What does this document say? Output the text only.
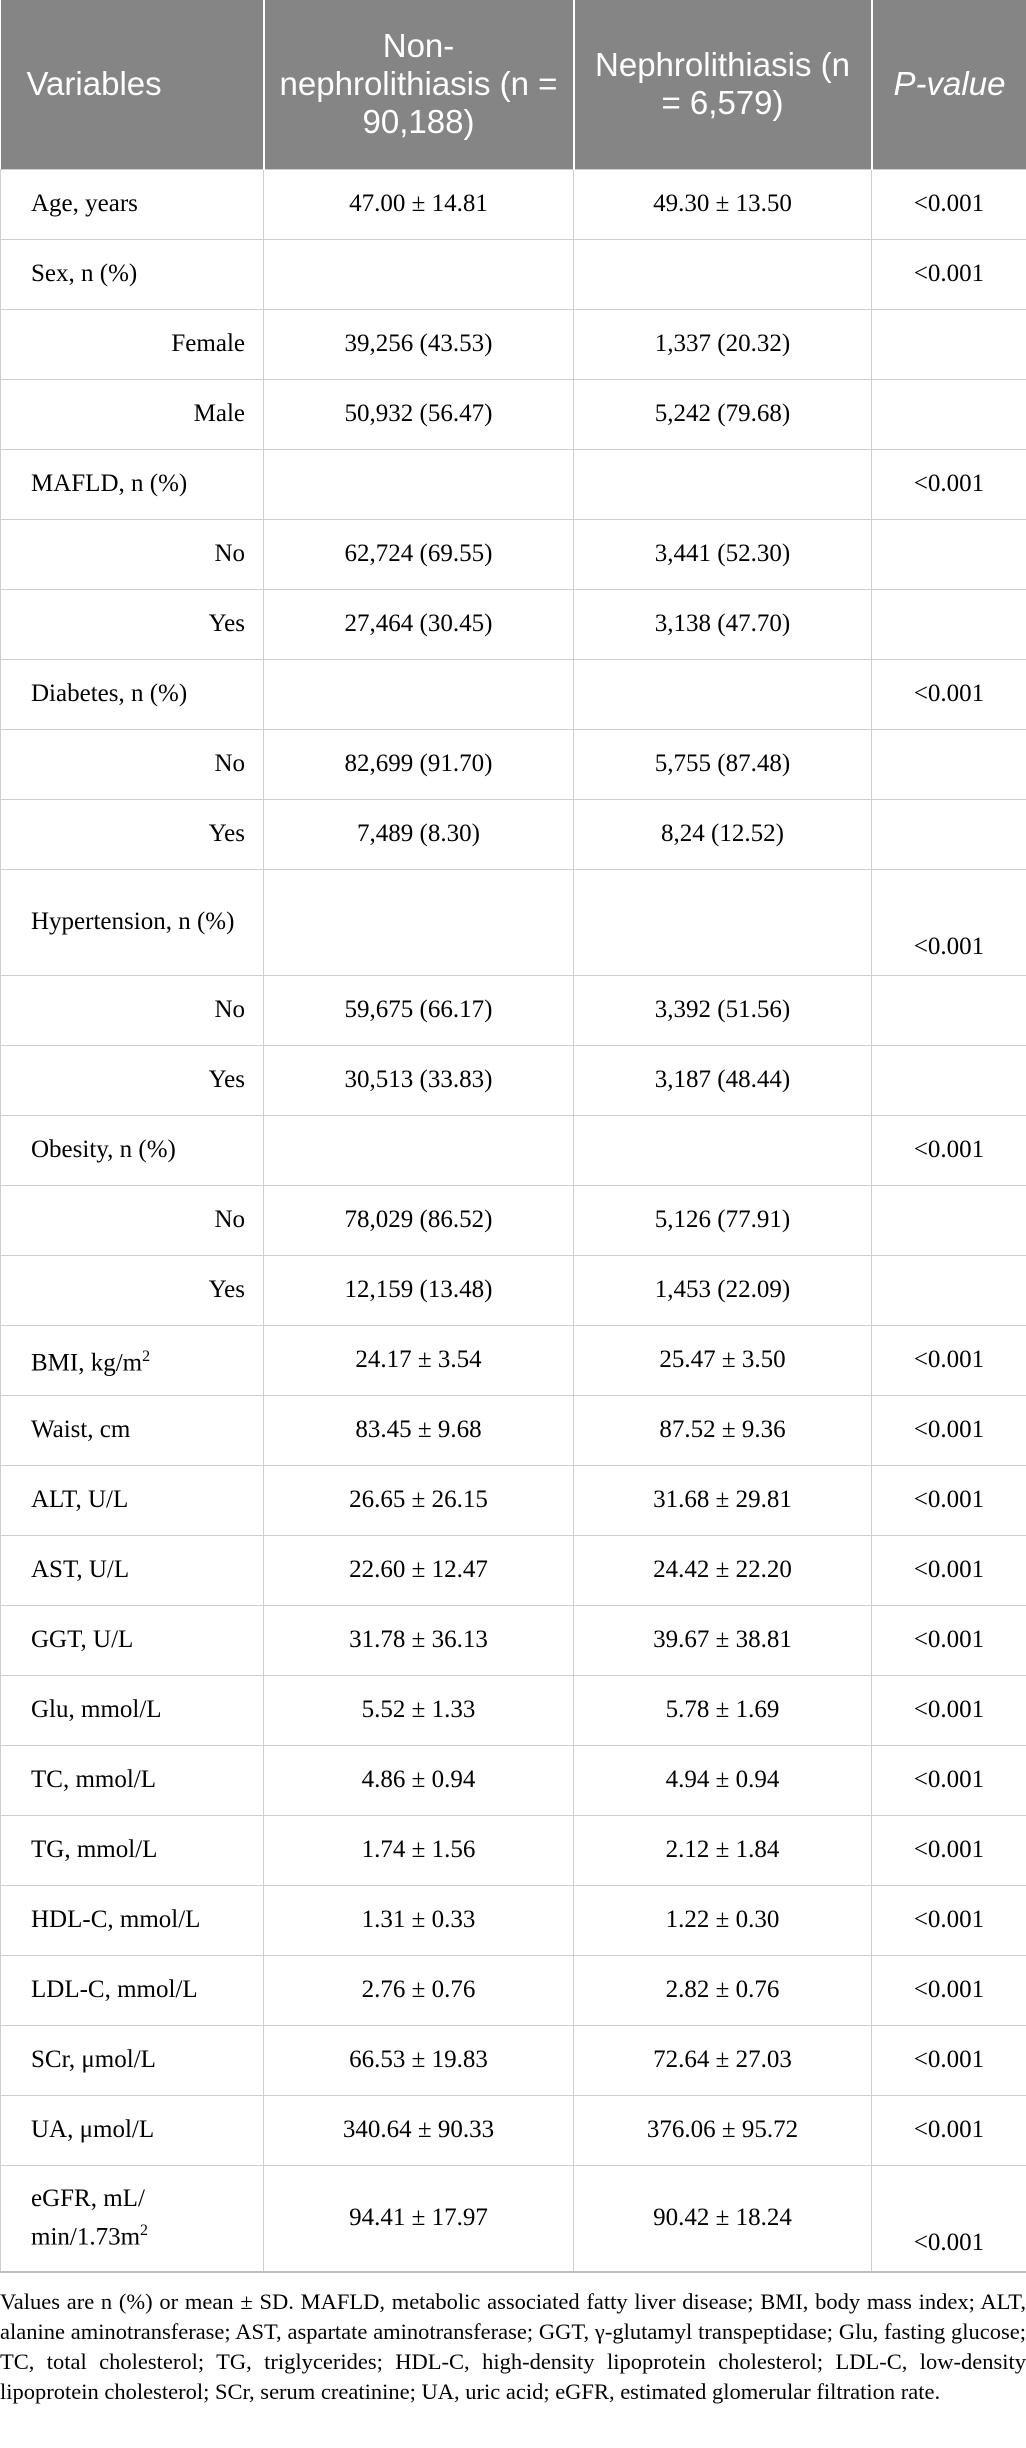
Variables	Non-nephrolithiasis (n = 90,188)	Nephrolithiasis (n = 6,579)	P-value
Age, years	47.00 ± 14.81	49.30 ± 13.50	<0.001
Sex, n (%)			<0.001
Female	39,256 (43.53)	1,337 (20.32)	
Male	50,932 (56.47)	5,242 (79.68)	
MAFLD, n (%)			<0.001
No	62,724 (69.55)	3,441 (52.30)	
Yes	27,464 (30.45)	3,138 (47.70)	
Diabetes, n (%)			<0.001
No	82,699 (91.70)	5,755 (87.48)	
Yes	7,489 (8.30)	8,24 (12.52)	
Hypertension, n (%)			<0.001
No	59,675 (66.17)	3,392 (51.56)	
Yes	30,513 (33.83)	3,187 (48.44)	
Obesity, n (%)			<0.001
No	78,029 (86.52)	5,126 (77.91)	
Yes	12,159 (13.48)	1,453 (22.09)	
BMI, $kg/m^2$	24.17 ± 3.54	25.47 ± 3.50	<0.001
Waist, cm	83.45 ± 9.68	87.52 ± 9.36	<0.001
ALT, U/L	26.65 ± 26.15	31.68 ± 29.81	<0.001
AST, U/L	22.60 ± 12.47	24.42 ± 22.20	<0.001
GGT, U/L	31.78 ± 36.13	39.67 ± 38.81	<0.001
Glu, mmol/L	5.52 ± 1.33	5.78 ± 1.69	<0.001
TC, mmol/L	4.86 ± 0.94	4.94 ± 0.94	<0.001
TG, mmol/L	1.74 ± 1.56	2.12 ± 1.84	<0.001
HDL-C, mmol/L	1.31 ± 0.33	1.22 ± 0.30	<0.001
LDL-C, mmol/L	2.76 ± 0.76	2.82 ± 0.76	<0.001
SCr, μmol/L	66.53 ± 19.83	72.64 ± 27.03	<0.001
UA, μmol/L	340.64 ± 90.33	376.06 ± 95.72	<0.001
eGFR, mL/ $\min/1.73m^2$	94.41 ± 17.97	90.42 ± 18.24	<0.001
Values are n (%) or mean ± SD. MAFLD, metabolic associated fatty liver disease; BMI, body mass index; ALT, alanine aminotransferase; AST, aspartate aminotransferase; GGT, γ-glutamyl transpeptidase; Glu, fasting glucose; TC, total cholesterol; TG, triglycerides; HDL-C, high-density lipoprotein cholesterol; LDL-C, low-density lipoprotein cholesterol; SCr, serum creatinine; UA, uric acid; eGFR, estimated glomerular filtration rate.
